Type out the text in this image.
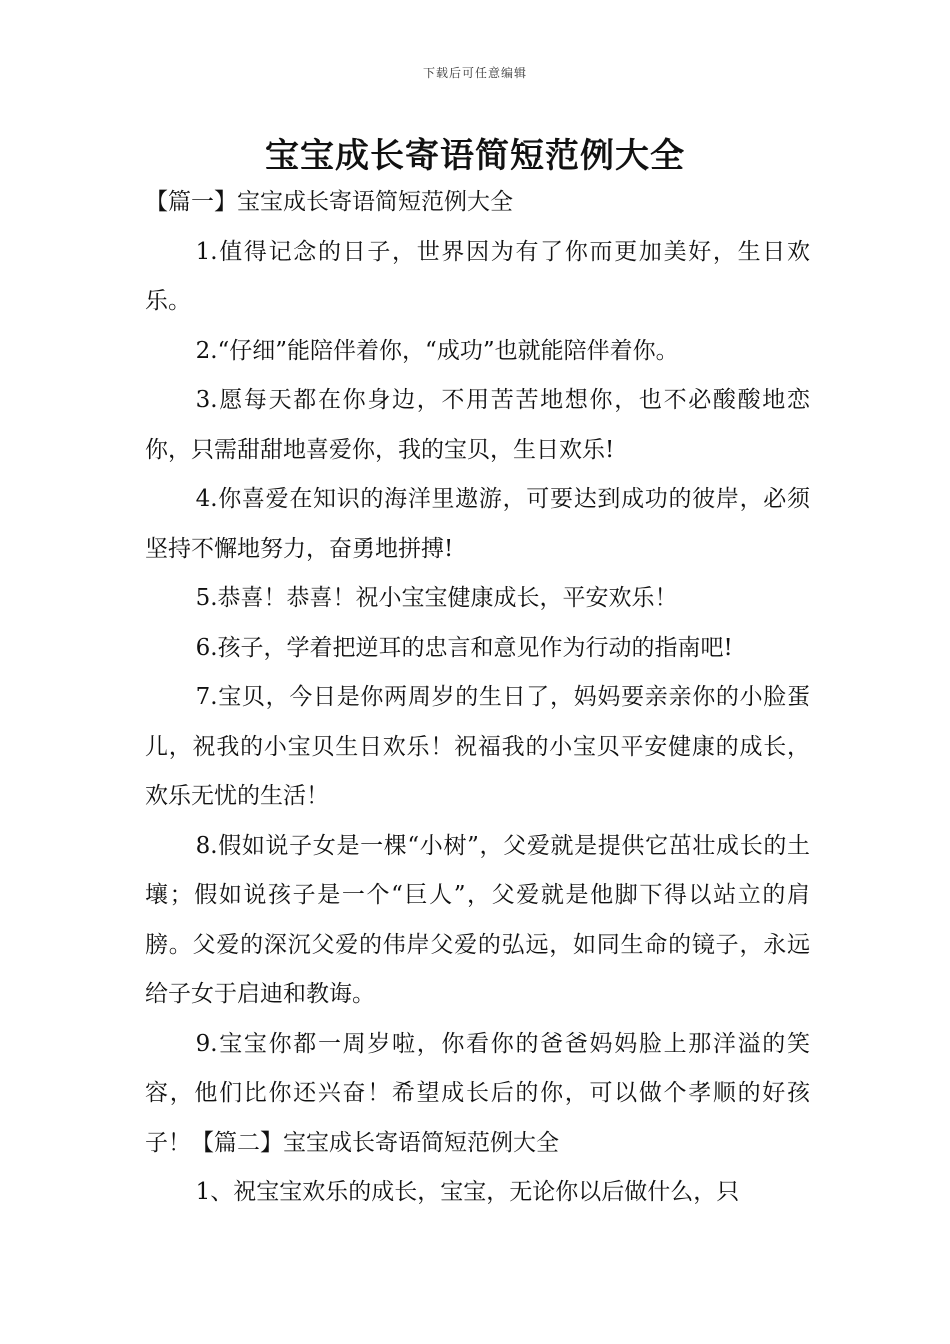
下载后可任意编辑
宝宝成长寄语简短范例大全

【篇一】宝宝成长寄语简短范例大全

1.值得记念的日子，世界因为有了你而更加美好，生日欢乐。

2.“仔细”能陪伴着你，“成功”也就能陪伴着你。

3.愿每天都在你身边，不用苦苦地想你，也不必酸酸地恋你，只需甜甜地喜爱你，我的宝贝，生日欢乐!

4.你喜爱在知识的海洋里遨游，可要达到成功的彼岸，必须坚持不懈地努力，奋勇地拼搏!

5.恭喜！恭喜！祝小宝宝健康成长，平安欢乐！

6.孩子，学着把逆耳的忠言和意见作为行动的指南吧!

7.宝贝，今日是你两周岁的生日了，妈妈要亲亲你的小脸蛋儿，祝我的小宝贝生日欢乐！祝福我的小宝贝平安健康的成长，欢乐无忧的生活！

8.假如说子女是一棵“小树”，父爱就是提供它茁壮成长的土壤；假如说孩子是一个“巨人”，父爱就是他脚下得以站立的肩膀。父爱的深沉父爱的伟岸父爱的弘远，如同生命的镜子，永远给子女于启迪和教诲。

9.宝宝你都一周岁啦，你看你的爸爸妈妈脸上那洋溢的笑容，他们比你还兴奋！希望成长后的你，可以做个孝顺的好孩子！【篇二】宝宝成长寄语简短范例大全

1、祝宝宝欢乐的成长，宝宝，无论你以后做什么，只
